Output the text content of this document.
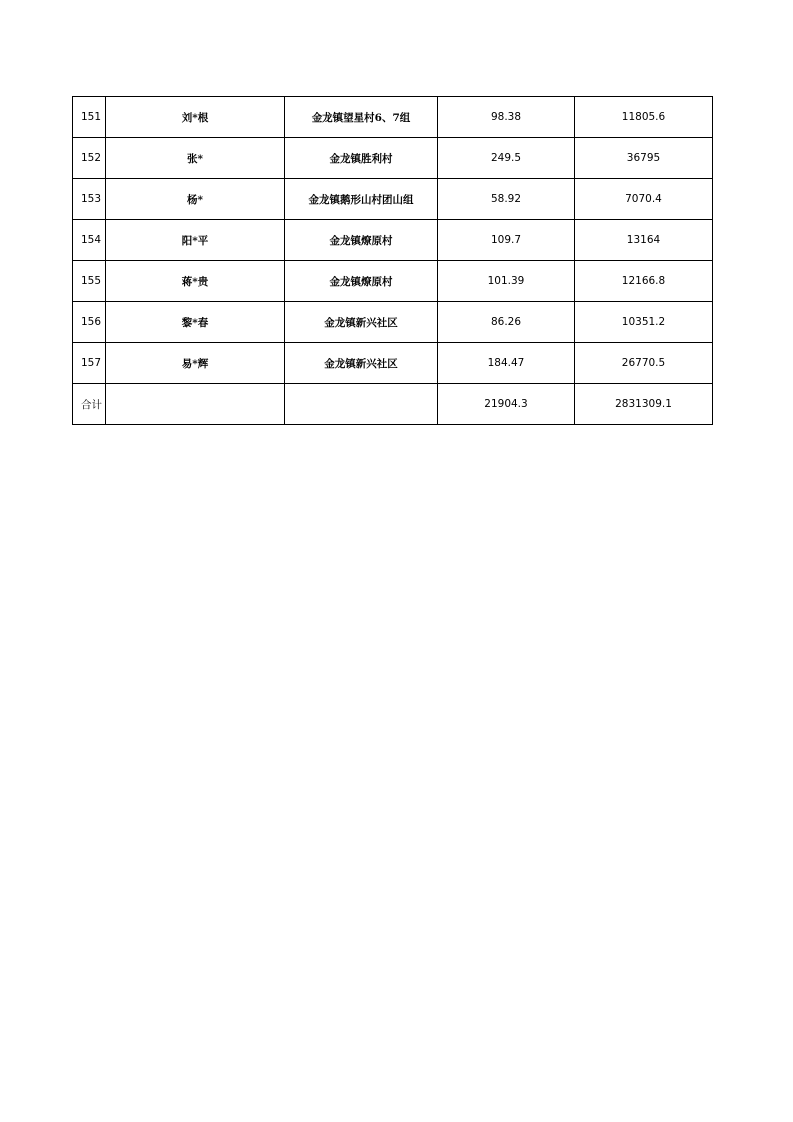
151	刘*根	金龙镇望星村6、7组	98.38	11805.6
152	张*	金龙镇胜利村	249.5	36795
153	杨*	金龙镇鹅形山村团山组	58.92	7070.4
154	阳*平	金龙镇燎原村	109.7	13164
155	蒋*贵	金龙镇燎原村	101.39	12166.8
156	黎*春	金龙镇新兴社区	86.26	10351.2
157	易*辉	金龙镇新兴社区	184.47	26770.5
合计			21904.3	2831309.1
